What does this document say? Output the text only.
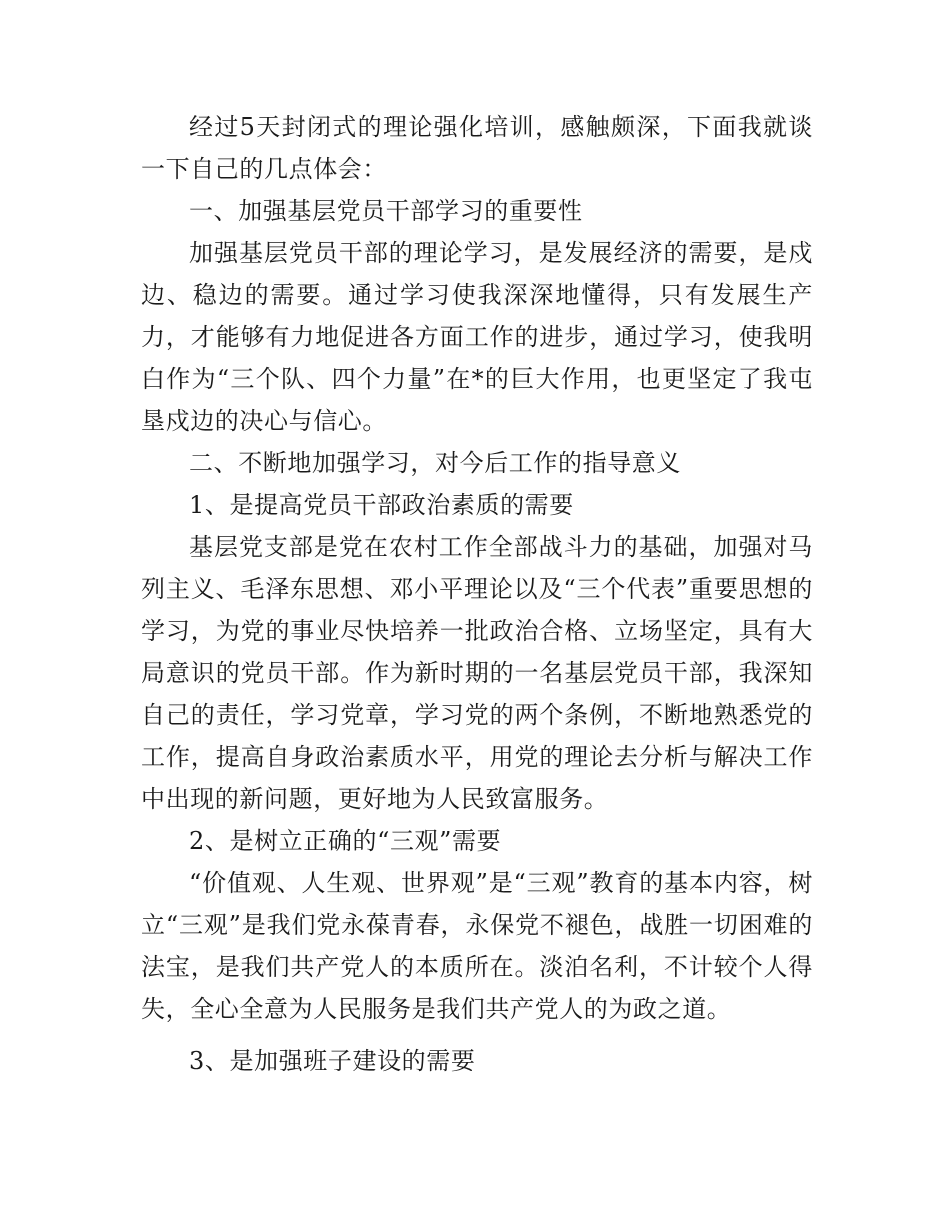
经过5天封闭式的理论强化培训，感触颇深，下面我就谈一下自己的几点体会：

一、加强基层党员干部学习的重要性

加强基层党员干部的理论学习，是发展经济的需要，是戍边、稳边的需要。通过学习使我深深地懂得，只有发展生产力，才能够有力地促进各方面工作的进步，通过学习，使我明白作为“三个队、四个力量”在*的巨大作用，也更坚定了我屯垦戍边的决心与信心。

二、不断地加强学习，对今后工作的指导意义

1、是提高党员干部政治素质的需要

基层党支部是党在农村工作全部战斗力的基础，加强对马列主义、毛泽东思想、邓小平理论以及“三个代表”重要思想的学习，为党的事业尽快培养一批政治合格、立场坚定，具有大局意识的党员干部。作为新时期的一名基层党员干部，我深知自己的责任，学习党章，学习党的两个条例，不断地熟悉党的工作，提高自身政治素质水平，用党的理论去分析与解决工作中出现的新问题，更好地为人民致富服务。

2、是树立正确的“三观”需要

“价值观、人生观、世界观”是“三观”教育的基本内容，树立“三观”是我们党永葆青春，永保党不褪色，战胜一切困难的法宝，是我们共产党人的本质所在。淡泊名利，不计较个人得失，全心全意为人民服务是我们共产党人的为政之道。

3、是加强班子建设的需要
